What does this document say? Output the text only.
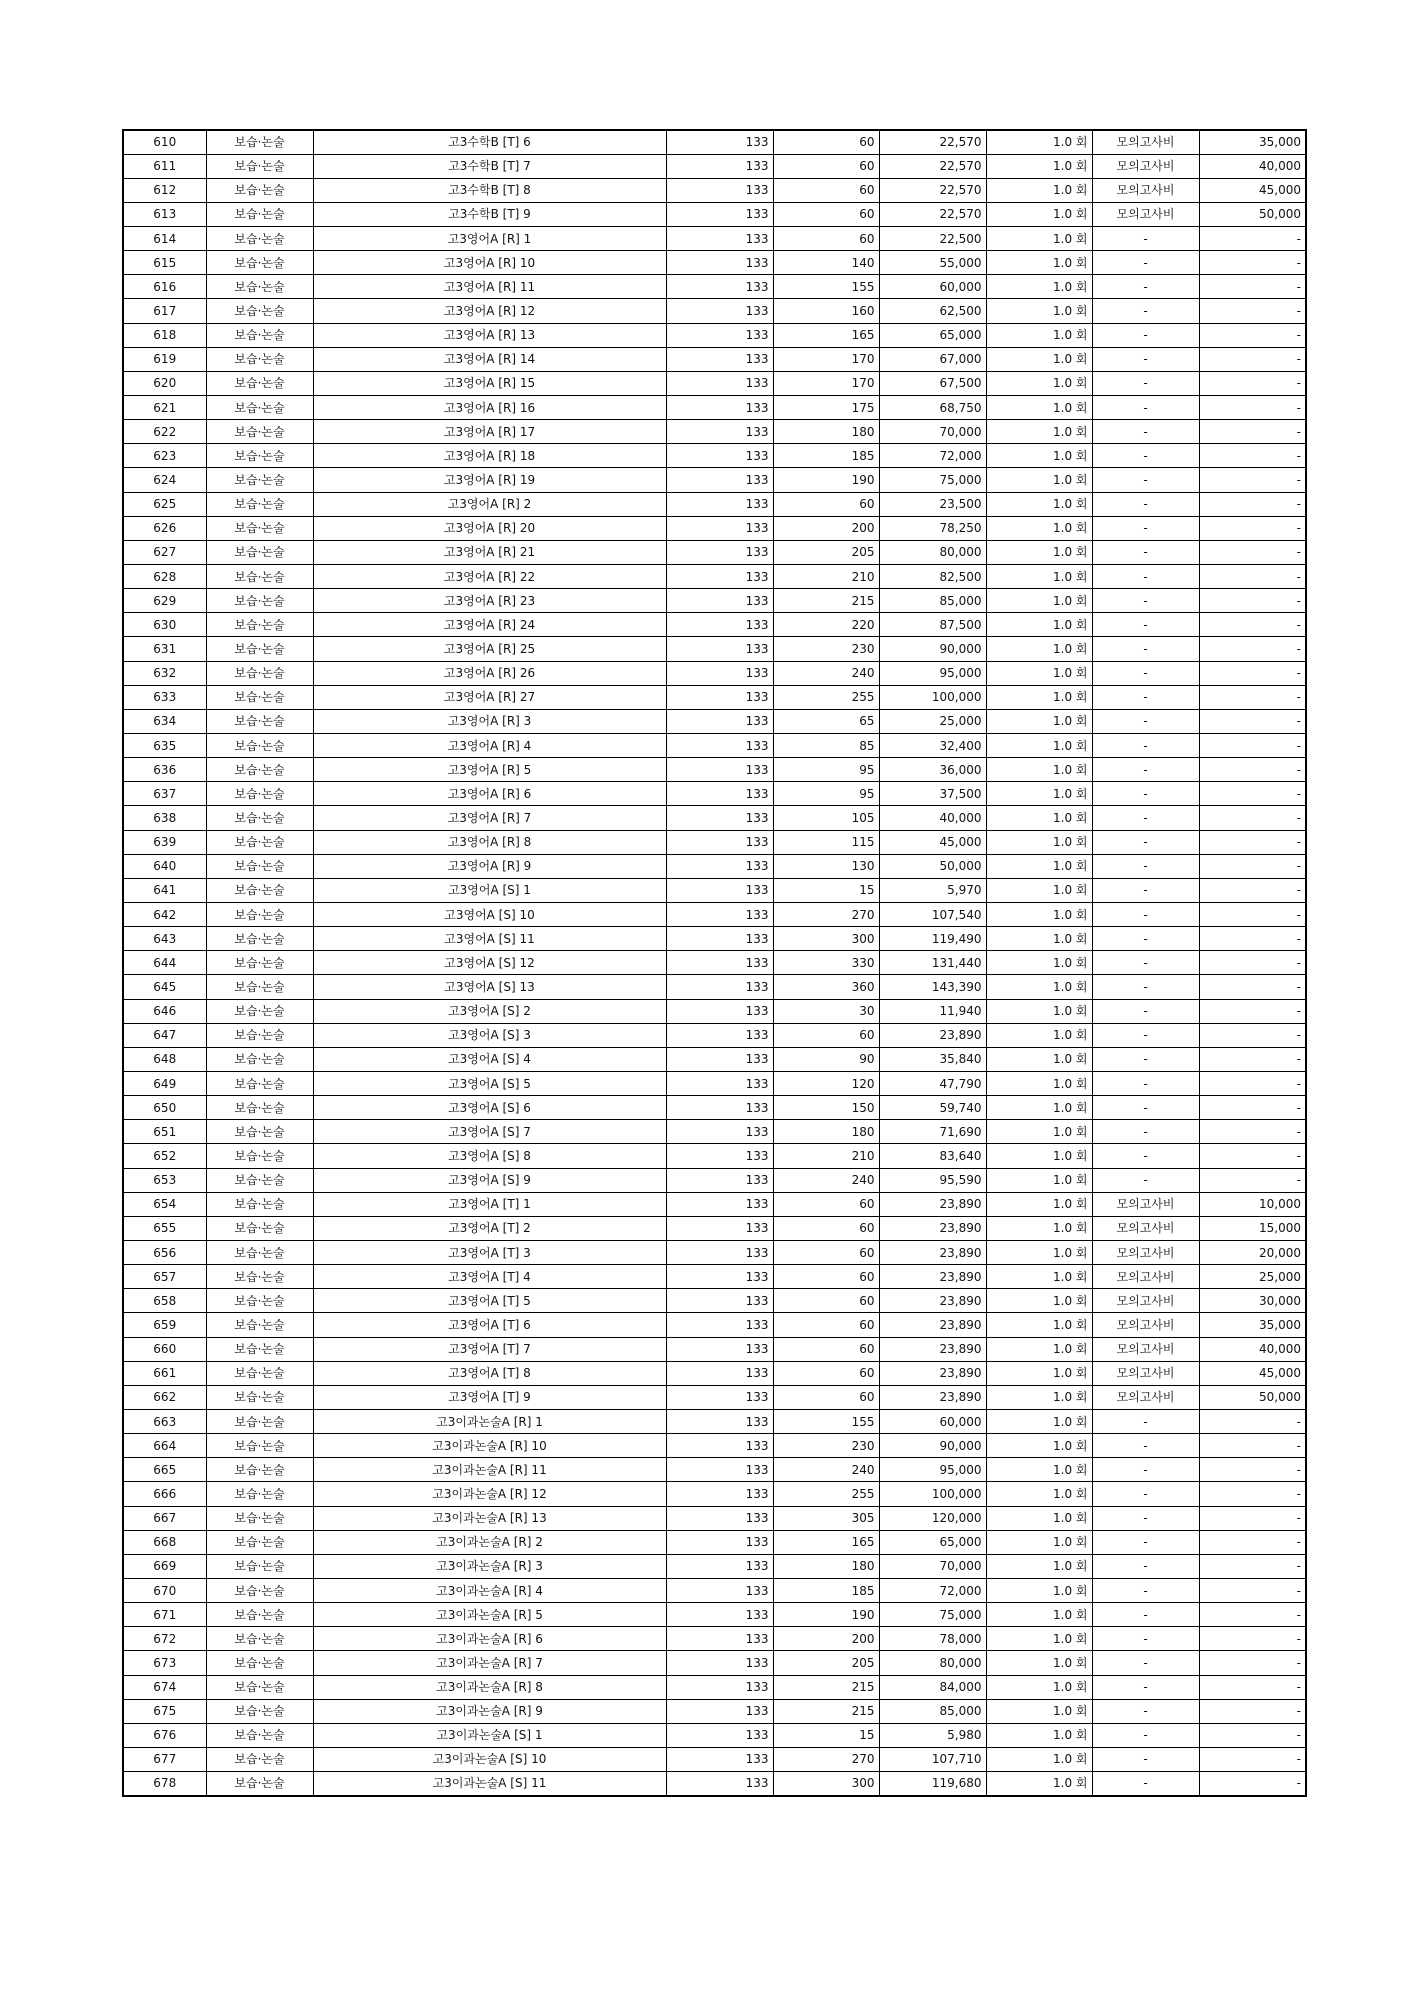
610	보습·논술	고3수학B [T] 6	133	60	22,570	1.0 회	모의고사비	35,000
611	보습·논술	고3수학B [T] 7	133	60	22,570	1.0 회	모의고사비	40,000
612	보습·논술	고3수학B [T] 8	133	60	22,570	1.0 회	모의고사비	45,000
613	보습·논술	고3수학B [T] 9	133	60	22,570	1.0 회	모의고사비	50,000
614	보습·논술	고3영어A [R] 1	133	60	22,500	1.0 회	-	-
615	보습·논술	고3영어A [R] 10	133	140	55,000	1.0 회	-	-
616	보습·논술	고3영어A [R] 11	133	155	60,000	1.0 회	-	-
617	보습·논술	고3영어A [R] 12	133	160	62,500	1.0 회	-	-
618	보습·논술	고3영어A [R] 13	133	165	65,000	1.0 회	-	-
619	보습·논술	고3영어A [R] 14	133	170	67,000	1.0 회	-	-
620	보습·논술	고3영어A [R] 15	133	170	67,500	1.0 회	-	-
621	보습·논술	고3영어A [R] 16	133	175	68,750	1.0 회	-	-
622	보습·논술	고3영어A [R] 17	133	180	70,000	1.0 회	-	-
623	보습·논술	고3영어A [R] 18	133	185	72,000	1.0 회	-	-
624	보습·논술	고3영어A [R] 19	133	190	75,000	1.0 회	-	-
625	보습·논술	고3영어A [R] 2	133	60	23,500	1.0 회	-	-
626	보습·논술	고3영어A [R] 20	133	200	78,250	1.0 회	-	-
627	보습·논술	고3영어A [R] 21	133	205	80,000	1.0 회	-	-
628	보습·논술	고3영어A [R] 22	133	210	82,500	1.0 회	-	-
629	보습·논술	고3영어A [R] 23	133	215	85,000	1.0 회	-	-
630	보습·논술	고3영어A [R] 24	133	220	87,500	1.0 회	-	-
631	보습·논술	고3영어A [R] 25	133	230	90,000	1.0 회	-	-
632	보습·논술	고3영어A [R] 26	133	240	95,000	1.0 회	-	-
633	보습·논술	고3영어A [R] 27	133	255	100,000	1.0 회	-	-
634	보습·논술	고3영어A [R] 3	133	65	25,000	1.0 회	-	-
635	보습·논술	고3영어A [R] 4	133	85	32,400	1.0 회	-	-
636	보습·논술	고3영어A [R] 5	133	95	36,000	1.0 회	-	-
637	보습·논술	고3영어A [R] 6	133	95	37,500	1.0 회	-	-
638	보습·논술	고3영어A [R] 7	133	105	40,000	1.0 회	-	-
639	보습·논술	고3영어A [R] 8	133	115	45,000	1.0 회	-	-
640	보습·논술	고3영어A [R] 9	133	130	50,000	1.0 회	-	-
641	보습·논술	고3영어A [S] 1	133	15	5,970	1.0 회	-	-
642	보습·논술	고3영어A [S] 10	133	270	107,540	1.0 회	-	-
643	보습·논술	고3영어A [S] 11	133	300	119,490	1.0 회	-	-
644	보습·논술	고3영어A [S] 12	133	330	131,440	1.0 회	-	-
645	보습·논술	고3영어A [S] 13	133	360	143,390	1.0 회	-	-
646	보습·논술	고3영어A [S] 2	133	30	11,940	1.0 회	-	-
647	보습·논술	고3영어A [S] 3	133	60	23,890	1.0 회	-	-
648	보습·논술	고3영어A [S] 4	133	90	35,840	1.0 회	-	-
649	보습·논술	고3영어A [S] 5	133	120	47,790	1.0 회	-	-
650	보습·논술	고3영어A [S] 6	133	150	59,740	1.0 회	-	-
651	보습·논술	고3영어A [S] 7	133	180	71,690	1.0 회	-	-
652	보습·논술	고3영어A [S] 8	133	210	83,640	1.0 회	-	-
653	보습·논술	고3영어A [S] 9	133	240	95,590	1.0 회	-	-
654	보습·논술	고3영어A [T] 1	133	60	23,890	1.0 회	모의고사비	10,000
655	보습·논술	고3영어A [T] 2	133	60	23,890	1.0 회	모의고사비	15,000
656	보습·논술	고3영어A [T] 3	133	60	23,890	1.0 회	모의고사비	20,000
657	보습·논술	고3영어A [T] 4	133	60	23,890	1.0 회	모의고사비	25,000
658	보습·논술	고3영어A [T] 5	133	60	23,890	1.0 회	모의고사비	30,000
659	보습·논술	고3영어A [T] 6	133	60	23,890	1.0 회	모의고사비	35,000
660	보습·논술	고3영어A [T] 7	133	60	23,890	1.0 회	모의고사비	40,000
661	보습·논술	고3영어A [T] 8	133	60	23,890	1.0 회	모의고사비	45,000
662	보습·논술	고3영어A [T] 9	133	60	23,890	1.0 회	모의고사비	50,000
663	보습·논술	고3이과논술A [R] 1	133	155	60,000	1.0 회	-	-
664	보습·논술	고3이과논술A [R] 10	133	230	90,000	1.0 회	-	-
665	보습·논술	고3이과논술A [R] 11	133	240	95,000	1.0 회	-	-
666	보습·논술	고3이과논술A [R] 12	133	255	100,000	1.0 회	-	-
667	보습·논술	고3이과논술A [R] 13	133	305	120,000	1.0 회	-	-
668	보습·논술	고3이과논술A [R] 2	133	165	65,000	1.0 회	-	-
669	보습·논술	고3이과논술A [R] 3	133	180	70,000	1.0 회	-	-
670	보습·논술	고3이과논술A [R] 4	133	185	72,000	1.0 회	-	-
671	보습·논술	고3이과논술A [R] 5	133	190	75,000	1.0 회	-	-
672	보습·논술	고3이과논술A [R] 6	133	200	78,000	1.0 회	-	-
673	보습·논술	고3이과논술A [R] 7	133	205	80,000	1.0 회	-	-
674	보습·논술	고3이과논술A [R] 8	133	215	84,000	1.0 회	-	-
675	보습·논술	고3이과논술A [R] 9	133	215	85,000	1.0 회	-	-
676	보습·논술	고3이과논술A [S] 1	133	15	5,980	1.0 회	-	-
677	보습·논술	고3이과논술A [S] 10	133	270	107,710	1.0 회	-	-
678	보습·논술	고3이과논술A [S] 11	133	300	119,680	1.0 회	-	-
